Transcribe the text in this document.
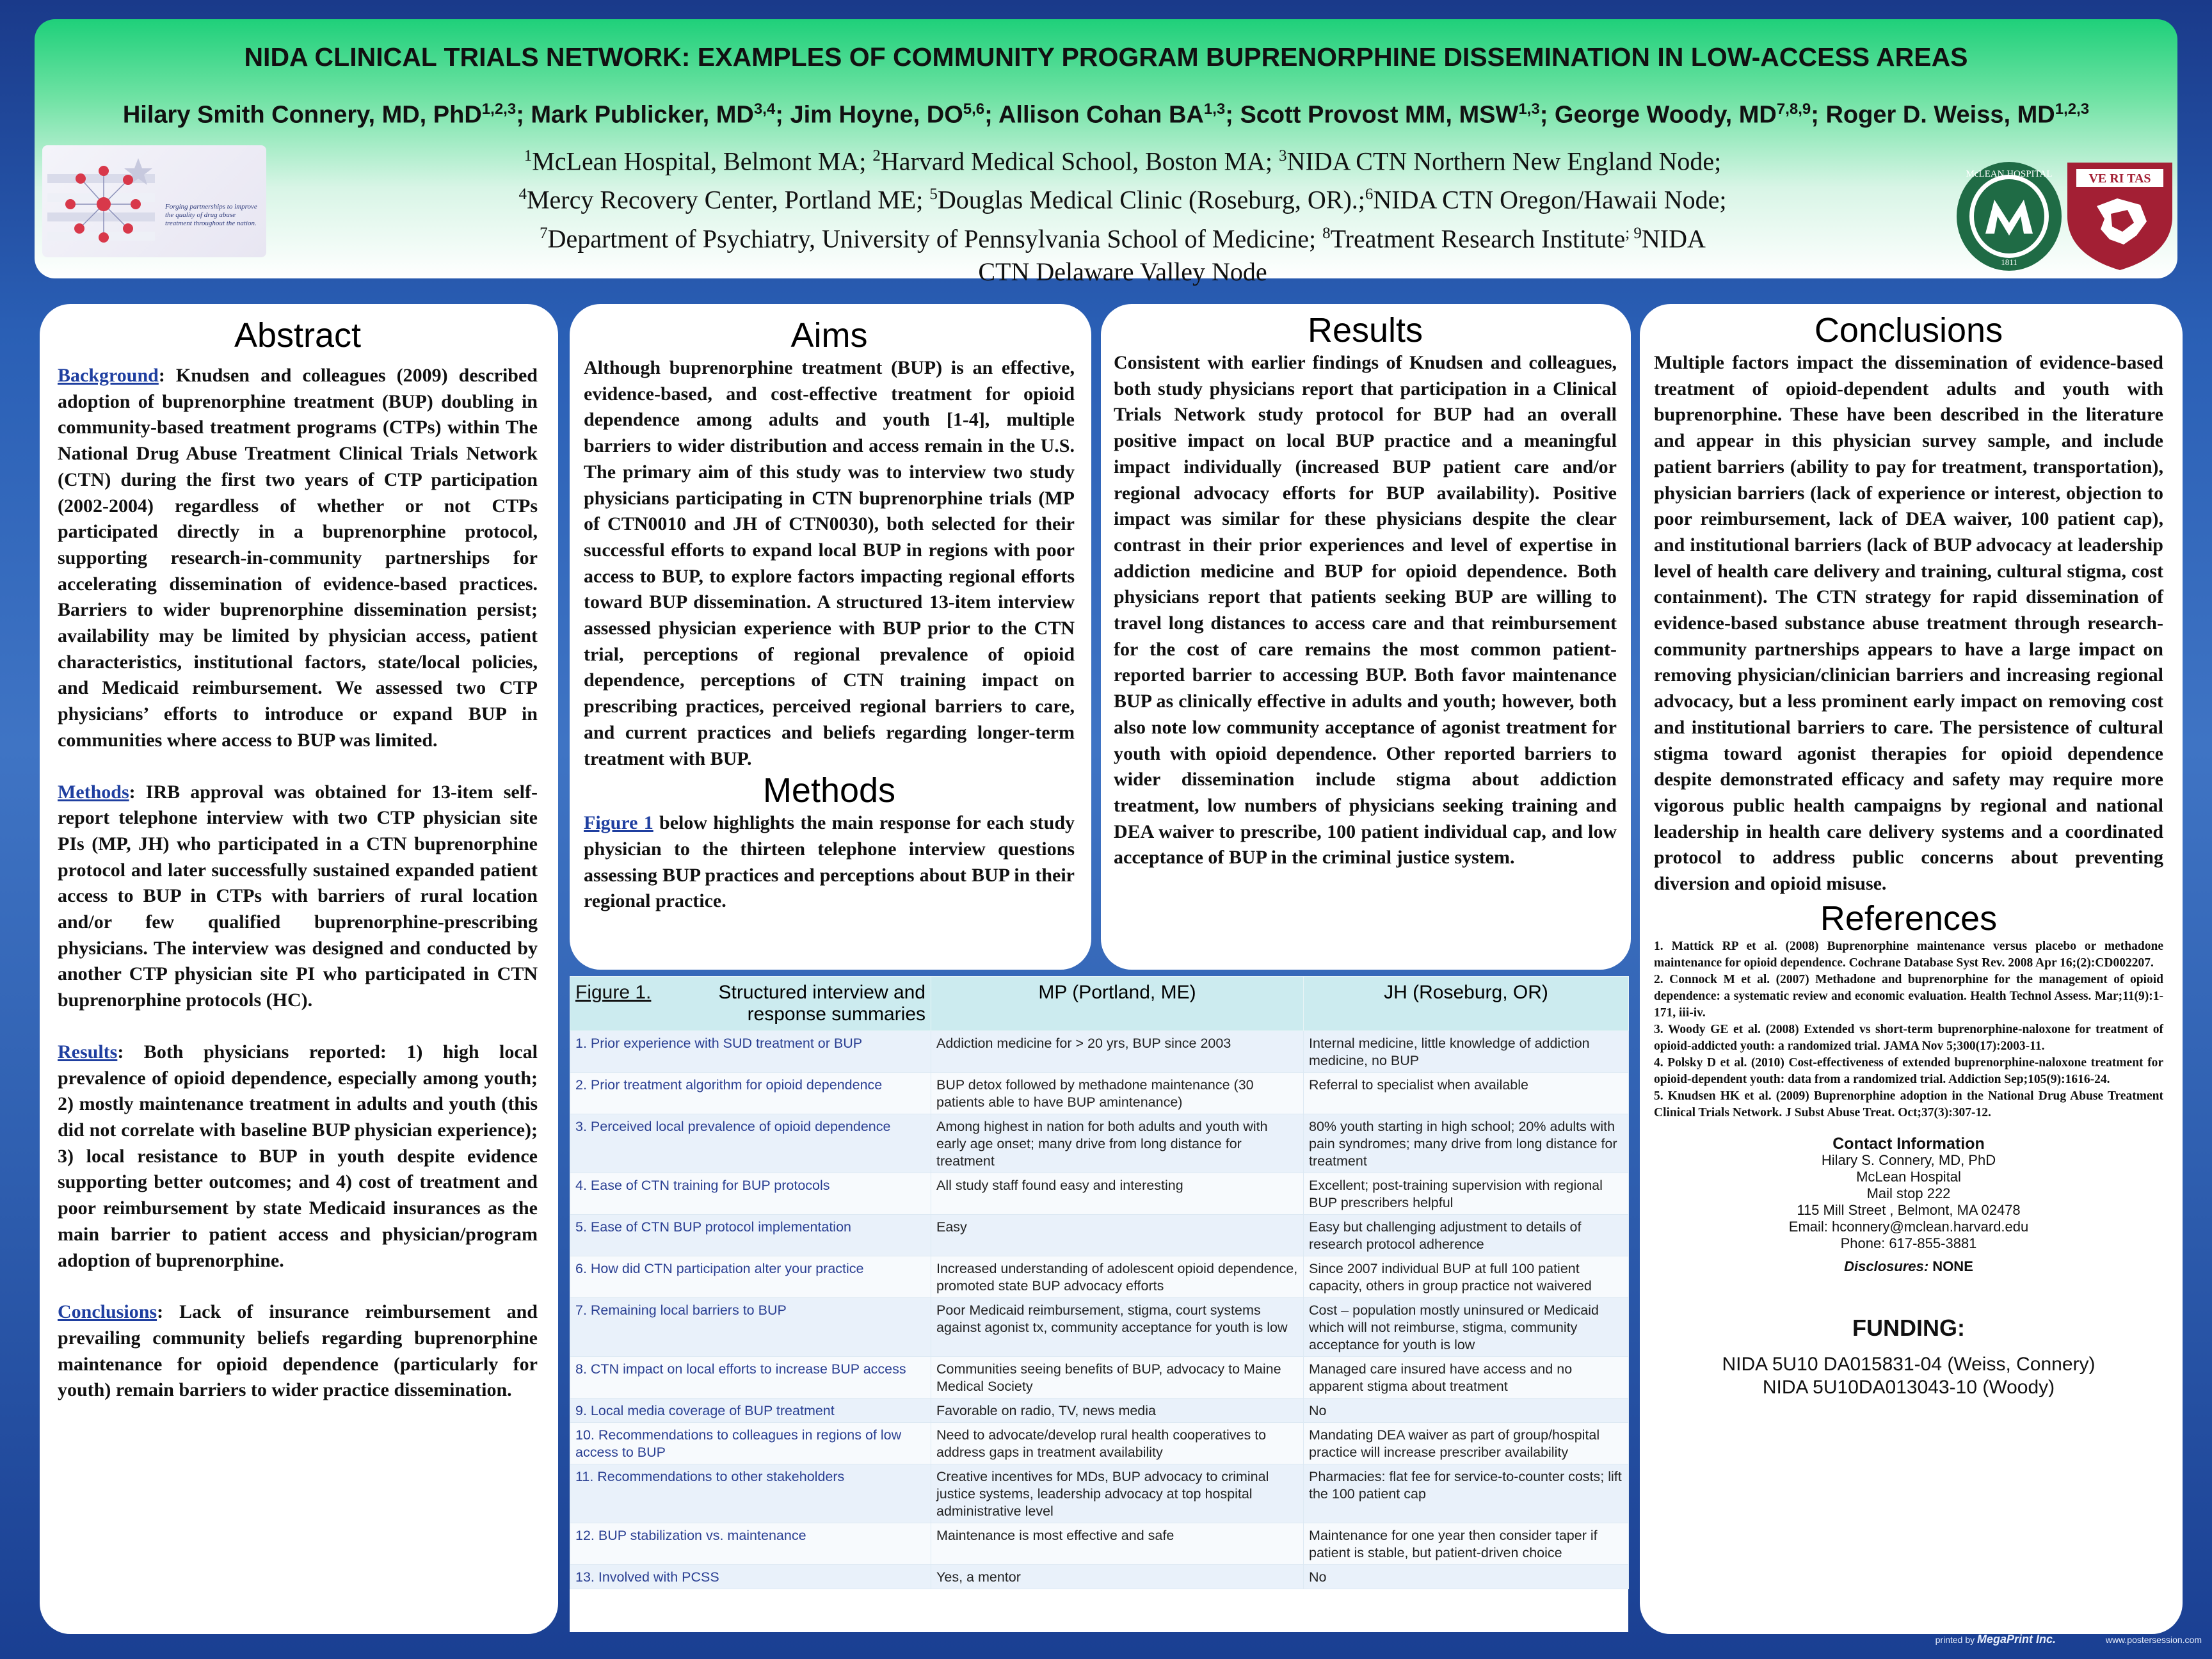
NIDA CLINICAL TRIALS NETWORK: EXAMPLES OF COMMUNITY PROGRAM BUPRENORPHINE DISSEMINATION IN LOW-ACCESS AREAS
Hilary Smith Connery, MD, PhD$^{1,2,3}$; Mark Publicker, MD$^{3,4}$; Jim Hoyne, DO$^{5,6}$; Allison Cohan BA$^{1,3}$; Scott Provost MM, MSW$^{1,3}$; George Woody, MD$^{7,8,9}$; Roger D. Weiss, MD$^{1,2,3}$
$^1$McLean Hospital, Belmont MA; $^2$Harvard Medical School, Boston MA; $^3$NIDA CTN Northern New England Node;
$^4$Mercy Recovery Center, Portland ME; $^5$Douglas Medical Clinic (Roseburg, OR).;$^6$NIDA CTN Oregon/Hawaii Node;
$^7$Department of Psychiatry, University of Pennsylvania School of Medicine; $^8$Treatment Research Institute$^{; 9}$NIDA
CTN Delaware Valley Node
Forging partnerships to improve the quality of drug abuse treatment throughout the nation.
McLEAN HOSPITAL
1811
VE RI TAS
Abstract

Background: Knudsen and colleagues (2009) described adoption of buprenorphine treatment (BUP) doubling in community-based treatment programs (CTPs) within The National Drug Abuse Treatment Clinical Trials Network (CTN) during the first two years of CTP participation (2002-2004) regardless of whether or not CTPs participated directly in a buprenorphine protocol, supporting research-in-community partnerships for accelerating dissemination of evidence-based practices. Barriers to wider buprenorphine dissemination persist; availability may be limited by physician access, patient characteristics, institutional factors, state/local policies, and Medicaid reimbursement. We assessed two CTP physicians’ efforts to introduce or expand BUP in communities where access to BUP was limited.

Methods: IRB approval was obtained for 13-item self-report telephone interview with two CTP physician site PIs (MP, JH) who participated in a CTN buprenorphine protocol and later successfully sustained expanded patient access to BUP in CTPs with barriers of rural location and/or few qualified buprenorphine-prescribing physicians. The interview was designed and conducted by another CTP physician site PI who participated in CTN buprenorphine protocols (HC).

Results: Both physicians reported: 1) high local prevalence of opioid dependence, especially among youth; 2) mostly maintenance treatment in adults and youth (this did not correlate with baseline BUP physician experience); 3) local resistance to BUP in youth despite evidence supporting better outcomes; and 4) cost of treatment and poor reimbursement by state Medicaid insurances as the main barrier to patient access and physician/program adoption of buprenorphine.

Conclusions: Lack of insurance reimbursement and prevailing community beliefs regarding buprenorphine maintenance for opioid dependence (particularly for youth) remain barriers to wider practice dissemination.

Aims
Although buprenorphine treatment (BUP) is an effective, evidence-based, and cost-effective treatment for opioid dependence among adults and youth [1-4], multiple barriers to wider distribution and access remain in the U.S. The primary aim of this study was to interview two study physicians participating in CTN buprenorphine trials (MP of CTN0010 and JH of CTN0030), both selected for their successful efforts to expand local BUP in regions with poor access to BUP, to explore factors impacting regional efforts toward BUP dissemination. A structured 13-item interview assessed physician experience with BUP prior to the CTN trial, perceptions of regional prevalence of opioid dependence, perceptions of CTN training impact on prescribing practices, perceived regional barriers to care, and current practices and beliefs regarding longer-term treatment with BUP.
Methods
Figure 1 below highlights the main response for each study physician to the thirteen telephone interview questions assessing BUP practices and perceptions about BUP in their regional practice.
Results
Consistent with earlier findings of Knudsen and colleagues, both study physicians report that participation in a Clinical Trials Network study protocol for BUP had an overall positive impact on local BUP practice and a meaningful impact individually (increased BUP patient care and/or regional advocacy efforts for BUP availability). Positive impact was similar for these physicians despite the clear contrast in their prior experiences and level of expertise in addiction medicine and BUP for opioid dependence. Both physicians report that patients seeking BUP are willing to travel long distances to access care and that reimbursement for the cost of care remains the most common patient-reported barrier to accessing BUP. Both favor maintenance BUP as clinically effective in adults and youth; however, both also note low community acceptance of agonist treatment for youth with opioid dependence. Other reported barriers to wider dissemination include stigma about addiction treatment, low numbers of physicians seeking training and DEA waiver to prescribe, 100 patient individual cap, and low acceptance of BUP in the criminal justice system.
Figure 1. Structured interview and response summaries	MP (Portland, ME)	JH (Roseburg, OR)
1. Prior experience with SUD treatment or BUP	Addiction medicine for > 20 yrs, BUP since 2003	Internal medicine, little knowledge of addiction medicine, no BUP
2. Prior treatment algorithm for opioid dependence	BUP detox followed by methadone maintenance (30 patients able to have BUP amintenance)	Referral to specialist when available
3. Perceived local prevalence of opioid dependence	Among highest in nation for both adults and youth with early age onset; many drive from long distance for treatment	80% youth starting in high school; 20% adults with pain syndromes; many drive from long distance for treatment
4. Ease of CTN training for BUP protocols	All study staff found easy and interesting	Excellent; post-training supervision with regional BUP prescribers helpful
5. Ease of CTN BUP protocol implementation	Easy	Easy but challenging adjustment to details of research protocol adherence
6. How did CTN participation alter your practice	Increased understanding of adolescent opioid dependence, promoted state BUP advocacy efforts	Since 2007 individual BUP at full 100 patient capacity, others in group practice not waivered
7. Remaining local barriers to BUP	Poor Medicaid reimbursement, stigma, court systems against agonist tx, community acceptance for youth is low	Cost – population mostly uninsured or Medicaid which will not reimburse, stigma, community acceptance for youth is low
8. CTN impact on local efforts to increase BUP access	Communities seeing benefits of BUP, advocacy to Maine Medical Society	Managed care insured have access and no apparent stigma about treatment
9. Local media coverage of BUP treatment	Favorable on radio, TV, news media	No
10. Recommendations to colleagues in regions of low access to BUP	Need to advocate/develop rural health cooperatives to address gaps in treatment availability	Mandating DEA waiver as part of group/hospital practice will increase prescriber availability
11. Recommendations to other stakeholders	Creative incentives for MDs, BUP advocacy to criminal justice systems, leadership advocacy at top hospital administrative level	Pharmacies: flat fee for service-to-counter costs; lift the 100 patient cap
12. BUP stabilization vs. maintenance	Maintenance is most effective and safe	Maintenance for one year then consider taper if patient is stable, but patient-driven choice
13. Involved with PCSS	Yes, a mentor	No
Conclusions
Multiple factors impact the dissemination of evidence-based treatment of opioid-dependent adults and youth with buprenorphine. These have been described in the literature and appear in this physician survey sample, and include patient barriers (ability to pay for treatment, transportation), physician barriers (lack of experience or interest, objection to poor reimbursement, lack of DEA waiver, 100 patient cap), and institutional barriers (lack of BUP advocacy at leadership level of health care delivery and training, cultural stigma, cost containment). The CTN strategy for rapid dissemination of evidence-based substance abuse treatment through research-community partnerships appears to have a large impact on removing physician/clinician barriers and increasing regional advocacy, but a less prominent early impact on removing cost and institutional barriers to care. The persistence of cultural stigma toward agonist therapies for opioid dependence despite demonstrated efficacy and safety may require more vigorous public health campaigns by regional and national leadership in health care delivery systems and a coordinated protocol to address public concerns about preventing diversion and opioid misuse.
References

1. Mattick RP et al. (2008) Buprenorphine maintenance versus placebo or methadone maintenance for opioid dependence. Cochrane Database Syst Rev. 2008 Apr 16;(2):CD002207.

2. Connock M et al. (2007) Methadone and buprenorphine for the management of opioid dependence: a systematic review and economic evaluation. Health Technol Assess. Mar;11(9):1-171, iii-iv.

3. Woody GE et al. (2008) Extended vs short-term buprenorphine-naloxone for treatment of opioid-addicted youth: a randomized trial. JAMA Nov 5;300(17):2003-11.

4. Polsky D et al. (2010) Cost-effectiveness of extended buprenorphine-naloxone treatment for opioid-dependent youth: data from a randomized trial. Addiction Sep;105(9):1616-24.

5. Knudsen HK et al. (2009) Buprenorphine adoption in the National Drug Abuse Treatment Clinical Trials Network. J Subst Abuse Treat. Oct;37(3):307-12.

Contact Information
Hilary S. Connery, MD, PhD
McLean Hospital
Mail stop 222
115 Mill Street , Belmont, MA 02478
Email: hconnery@mclean.harvard.edu
Phone: 617-855-3881
Disclosures: NONE
FUNDING:
NIDA 5U10 DA015831-04 (Weiss, Connery)
NIDA 5U10DA013043-10 (Woody)
printed by MegaPrint Inc.	www.postersession.com
